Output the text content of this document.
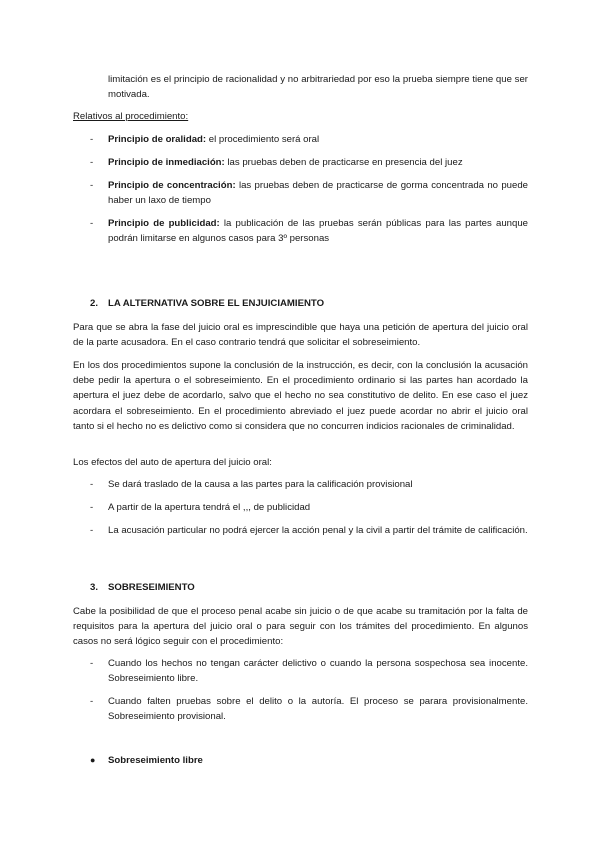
limitación es el principio de racionalidad y no arbitrariedad por eso la prueba siempre tiene que ser motivada.

Relativos al procedimiento:

- Principio de oralidad: el procedimiento será oral

- Principio de inmediación: las pruebas deben de practicarse en presencia del juez

- Principio de concentración: las pruebas deben de practicarse de gorma concentrada no puede haber un laxo de tiempo

- Principio de publicidad: la publicación de las pruebas serán públicas para las partes aunque podrán limitarse en algunos casos para 3º personas

2. LA ALTERNATIVA SOBRE EL ENJUICIAMIENTO

Para que se abra la fase del juicio oral es imprescindible que haya una petición de apertura del juicio oral de la parte acusadora. En el caso contrario tendrá que solicitar el sobreseimiento.

En los dos procedimientos supone la conclusión de la instrucción, es decir, con la conclusión la acusación debe pedir la apertura o el sobreseimiento. En el procedimiento ordinario si las partes han acordado la apertura el juez debe de acordarlo, salvo que el hecho no sea constitutivo de delito. En ese caso el juez acordara el sobreseimiento. En el procedimiento abreviado el juez puede acordar no abrir el juicio oral tanto si el hecho no es delictivo como si considera que no concurren indicios racionales de criminalidad.

Los efectos del auto de apertura del juicio oral:

- Se dará traslado de la causa a las partes para la calificación provisional

- A partir de la apertura tendrá el ,,, de publicidad

- La acusación particular no podrá ejercer la acción penal y la civil a partir del trámite de calificación.

3. SOBRESEIMIENTO

Cabe la posibilidad de que el proceso penal acabe sin juicio o de que acabe su tramitación por la falta de requisitos para la apertura del juicio oral o para seguir con los trámites del procedimiento. En algunos casos no será lógico seguir con el procedimiento:

- Cuando los hechos no tengan carácter delictivo o cuando la persona sospechosa sea inocente. Sobreseimiento libre.

- Cuando falten pruebas sobre el delito o la autoría. El proceso se parara provisionalmente. Sobreseimiento provisional.

● Sobreseimiento libre
